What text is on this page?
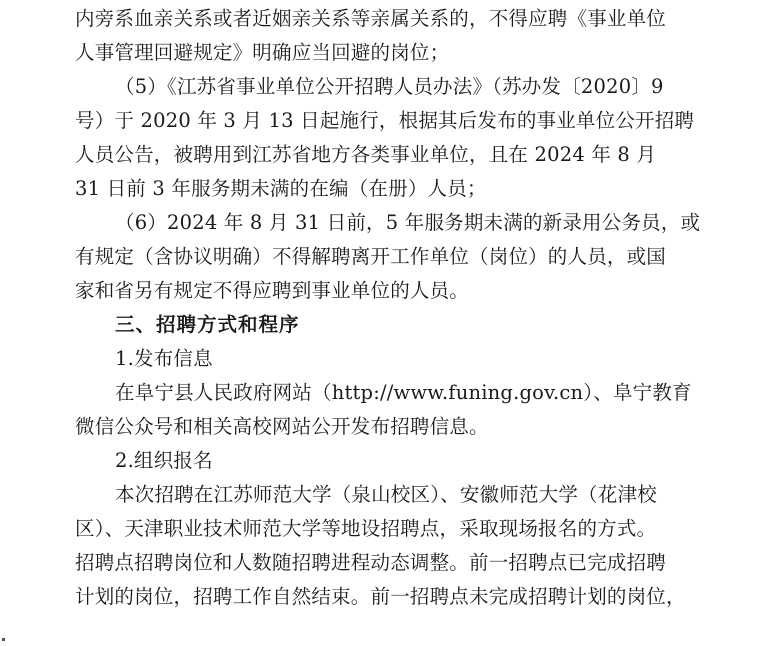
内旁系血亲关系或者近姻亲关系等亲属关系的，不得应聘《事业单位
人事管理回避规定》明确应当回避的岗位；
（5）《江苏省事业单位公开招聘人员办法》（苏办发〔2020〕9
号）于 2020 年 3 月 13 日起施行，根据其后发布的事业单位公开招聘
人员公告，被聘用到江苏省地方各类事业单位，且在 2024 年 8 月
31 日前 3 年服务期未满的在编（在册）人员；
（6）2024 年 8 月 31 日前，5 年服务期未满的新录用公务员，或
有规定（含协议明确）不得解聘离开工作单位（岗位）的人员，或国
家和省另有规定不得应聘到事业单位的人员。
三、招聘方式和程序
1.发布信息
在阜宁县人民政府网站（http://www.funing.gov.cn）、阜宁教育
微信公众号和相关高校网站公开发布招聘信息。
2.组织报名
本次招聘在江苏师范大学（泉山校区）、安徽师范大学（花津校
区）、天津职业技术师范大学等地设招聘点，采取现场报名的方式。
招聘点招聘岗位和人数随招聘进程动态调整。前一招聘点已完成招聘
计划的岗位，招聘工作自然结束。前一招聘点未完成招聘计划的岗位，
